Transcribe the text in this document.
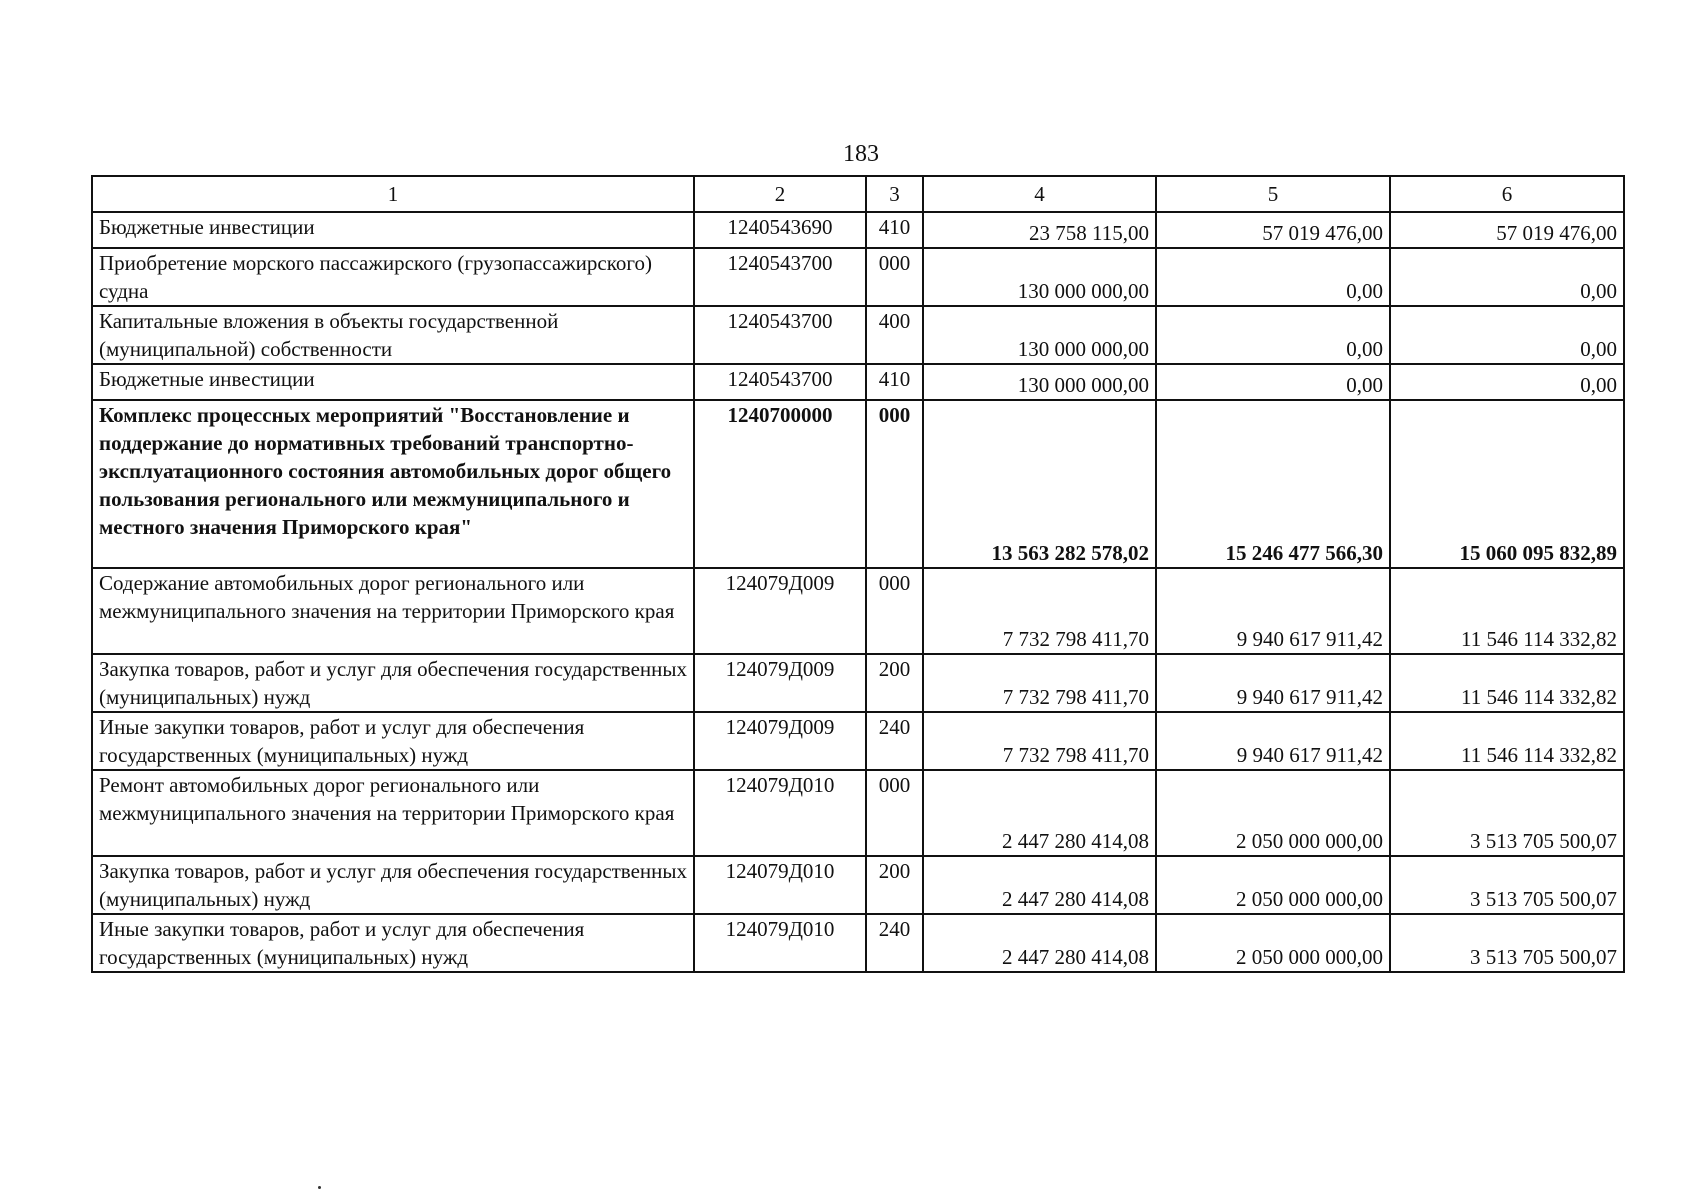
183
1	2	3	4	5	6
Бюджетные инвестиции	1240543690	410	23 758 115,00	57 019 476,00	57 019 476,00
Приобретение морского пассажирского (грузопассажирского) судна	1240543700	000	130 000 000,00	0,00	0,00
Капитальные вложения в объекты государственной (муниципальной) собственности	1240543700	400	130 000 000,00	0,00	0,00
Бюджетные инвестиции	1240543700	410	130 000 000,00	0,00	0,00
Комплекс процессных мероприятий "Восстановление и поддержание до нормативных требований транспортно-эксплуатационного состояния автомобильных дорог общего пользования регионального или межмуниципального и местного значения Приморского края"	1240700000	000	13 563 282 578,02	15 246 477 566,30	15 060 095 832,89
Содержание автомобильных дорог регионального или межмуниципального значения на территории Приморского края	124079Д009	000	7 732 798 411,70	9 940 617 911,42	11 546 114 332,82
Закупка товаров, работ и услуг для обеспечения государственных (муниципальных) нужд	124079Д009	200	7 732 798 411,70	9 940 617 911,42	11 546 114 332,82
Иные закупки товаров, работ и услуг для обеспечения государственных (муниципальных) нужд	124079Д009	240	7 732 798 411,70	9 940 617 911,42	11 546 114 332,82
Ремонт автомобильных дорог регионального или межмуниципального значения на территории Приморского края	124079Д010	000	2 447 280 414,08	2 050 000 000,00	3 513 705 500,07
Закупка товаров, работ и услуг для обеспечения государственных (муниципальных) нужд	124079Д010	200	2 447 280 414,08	2 050 000 000,00	3 513 705 500,07
Иные закупки товаров, работ и услуг для обеспечения государственных (муниципальных) нужд	124079Д010	240	2 447 280 414,08	2 050 000 000,00	3 513 705 500,07
